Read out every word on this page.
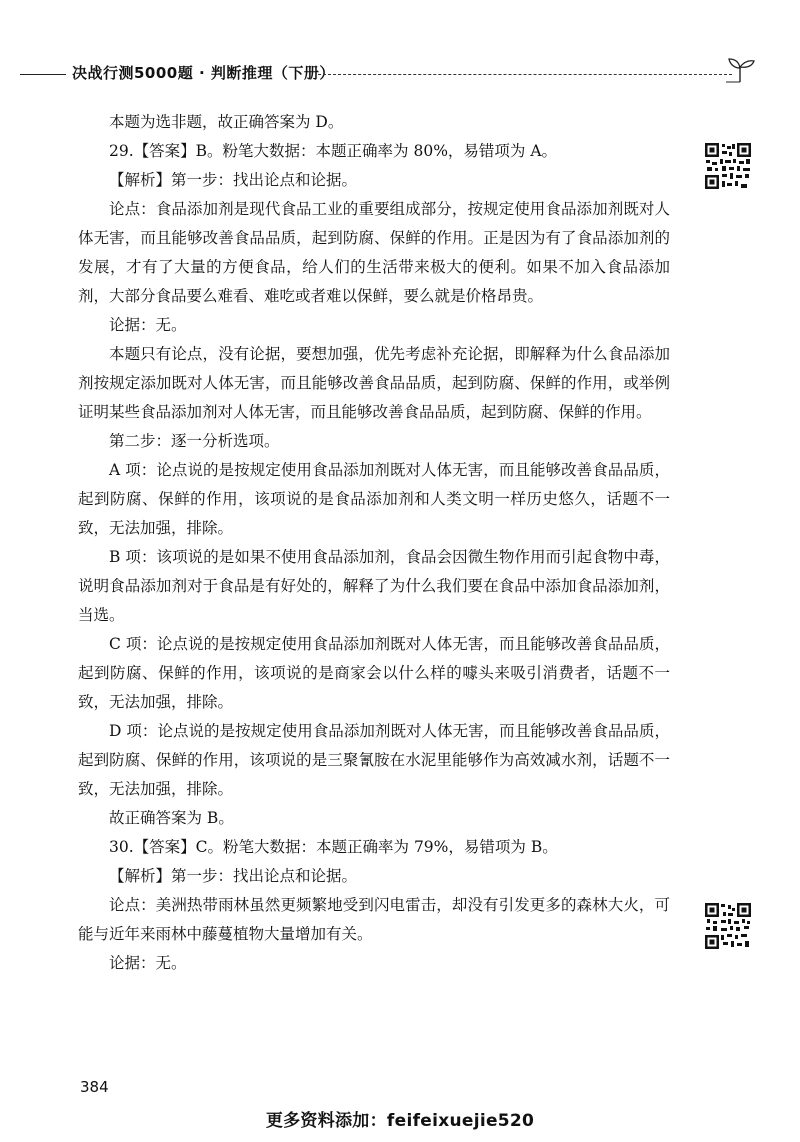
决战行测5000题 · 判断推理（下册）

本题为选非题，故正确答案为 D。

29.【答案】B。粉笔大数据：本题正确率为 80%，易错项为 A。

【解析】第一步：找出论点和论据。

论点：食品添加剂是现代食品工业的重要组成部分，按规定使用食品添加剂既对人体无害，而且能够改善食品品质，起到防腐、保鲜的作用。正是因为有了食品添加剂的发展，才有了大量的方便食品，给人们的生活带来极大的便利。如果不加入食品添加剂，大部分食品要么难看、难吃或者难以保鲜，要么就是价格昂贵。

论据：无。

本题只有论点，没有论据，要想加强，优先考虑补充论据，即解释为什么食品添加剂按规定添加既对人体无害，而且能够改善食品品质，起到防腐、保鲜的作用，或举例证明某些食品添加剂对人体无害，而且能够改善食品品质，起到防腐、保鲜的作用。

第二步：逐一分析选项。

A 项：论点说的是按规定使用食品添加剂既对人体无害，而且能够改善食品品质，起到防腐、保鲜的作用，该项说的是食品添加剂和人类文明一样历史悠久，话题不一致，无法加强，排除。

B 项：该项说的是如果不使用食品添加剂，食品会因微生物作用而引起食物中毒，说明食品添加剂对于食品是有好处的，解释了为什么我们要在食品中添加食品添加剂，当选。

C 项：论点说的是按规定使用食品添加剂既对人体无害，而且能够改善食品品质，起到防腐、保鲜的作用，该项说的是商家会以什么样的噱头来吸引消费者，话题不一致，无法加强，排除。

D 项：论点说的是按规定使用食品添加剂既对人体无害，而且能够改善食品品质，起到防腐、保鲜的作用，该项说的是三聚氰胺在水泥里能够作为高效减水剂，话题不一致，无法加强，排除。

故正确答案为 B。

30.【答案】C。粉笔大数据：本题正确率为 79%，易错项为 B。

【解析】第一步：找出论点和论据。

论点：美洲热带雨林虽然更频繁地受到闪电雷击，却没有引发更多的森林大火，可能与近年来雨林中藤蔓植物大量增加有关。

论据：无。

384
更多资料添加：feifeixuejie520
